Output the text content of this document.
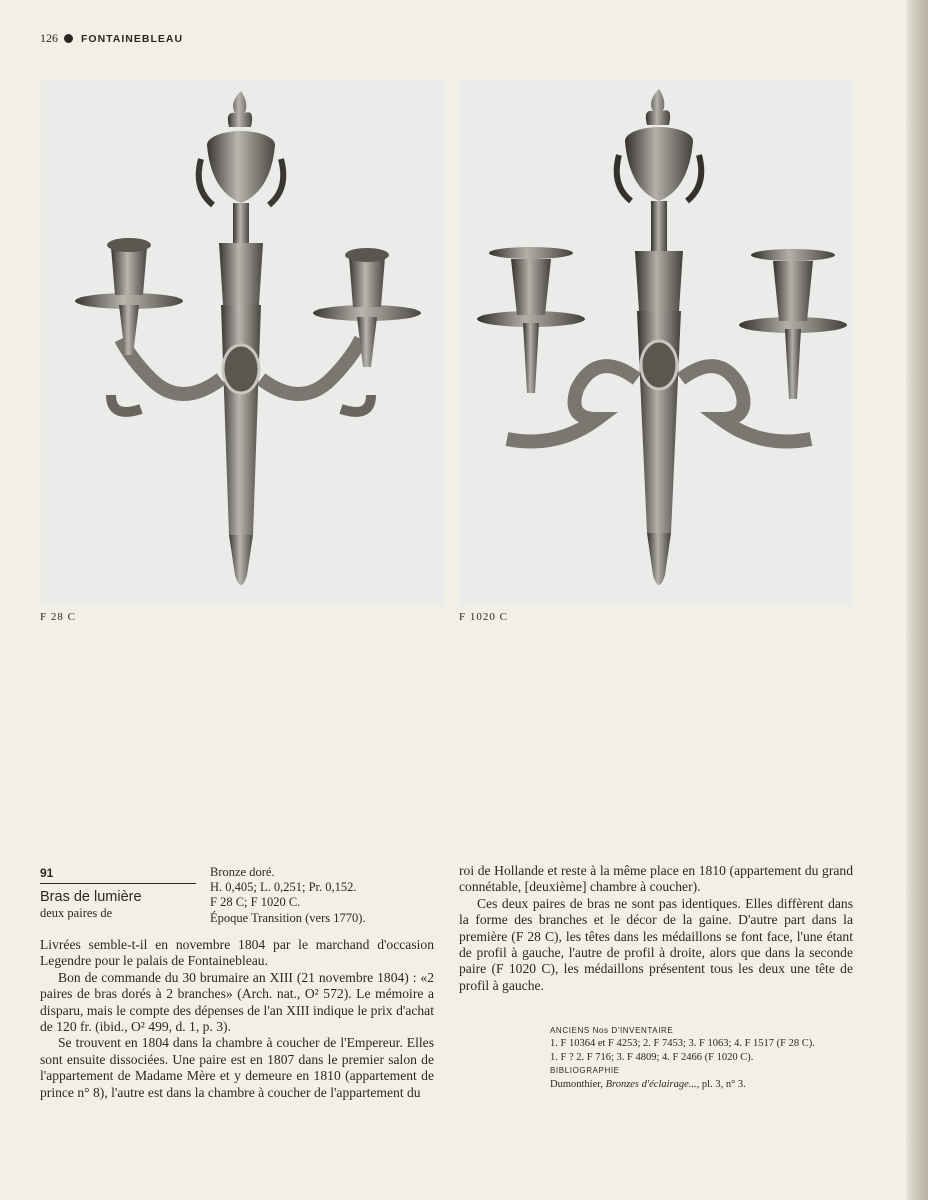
126 FONTAINEBLEAU
F 28 C	F 1020 C
91
Bras de lumière
deux paires de
Bronze doré.
H. 0,405; L. 0,251; Pr. 0,152.
F 28 C; F 1020 C.
Époque Transition (vers 1770).

Livrées semble-t-il en novembre 1804 par le marchand d'occasion Legendre pour le palais de Fontainebleau.

Bon de commande du 30 brumaire an XIII (21 novembre 1804) : «2 paires de bras dorés à 2 branches» (Arch. nat., O² 572). Le mémoire a disparu, mais le compte des dépenses de l'an XIII indique le prix d'achat de 120 fr. (ibid., O² 499, d. 1, p. 3).

Se trouvent en 1804 dans la chambre à coucher de l'Empereur. Elles sont ensuite dissociées. Une paire est en 1807 dans le premier salon de l'appartement de Madame Mère et y demeure en 1810 (appartement de prince n° 8), l'autre est dans la chambre à coucher de l'appartement du

roi de Hollande et reste à la même place en 1810 (appartement du grand connétable, [deuxième] chambre à coucher).

Ces deux paires de bras ne sont pas identiques. Elles diffèrent dans la forme des branches et le décor de la gaine. D'autre part dans la première (F 28 C), les têtes dans les médaillons se font face, l'une étant de profil à gauche, l'autre de profil à droite, alors que dans la seconde paire (F 1020 C), les médaillons présentent tous les deux une tête de profil à gauche.

ANCIENS Nos D'INVENTAIRE
1. F 10364 et F 4253; 2. F 7453; 3. F 1063; 4. F 1517 (F 28 C).
1. F ? 2. F 716; 3. F 4809; 4. F 2466 (F 1020 C).
BIBLIOGRAPHIE
Dumonthier, Bronzes d'éclairage..., pl. 3, n° 3.
